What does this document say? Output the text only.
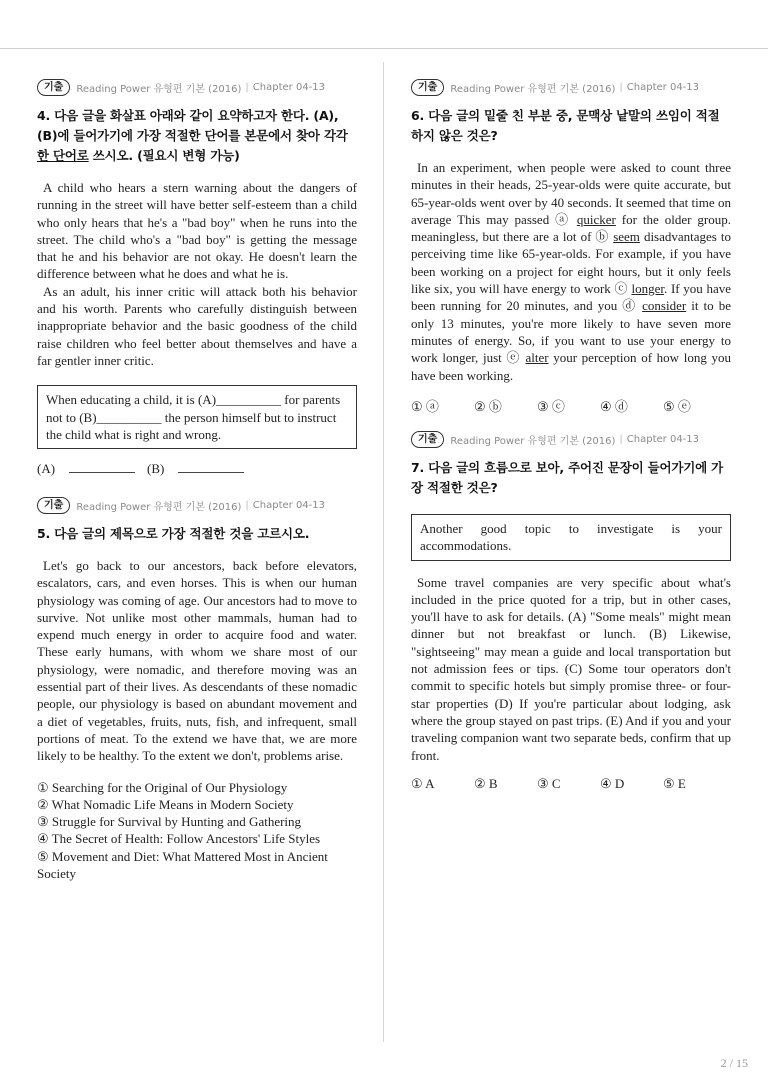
기출	Reading Power 유형편 기본 (2016) | Chapter 04-13
4. 다음 글을 화살표 아래와 같이 요약하고자 한다. (A), (B)에 들어가기에 가장 적절한 단어를 본문에서 찾아 각각 한 단어로 쓰시오. (필요시 변형 가능)

A child who hears a stern warning about the dangers of running in the street will have better self-esteem than a child who only hears that he's a "bad boy" when he runs into the street. The child who's a "bad boy" is getting the message that he and his behavior are not okay. He doesn't learn the difference between what he does and what he is.

As an adult, his inner critic will attack both his behavior and his worth. Parents who carefully distinguish between inappropriate behavior and the basic goodness of the child raise children who feel better about themselves and have a far gentler inner critic.

When educating a child, it is (A)__________ for parents not to (B)__________ the person himself but to instruct the child what is right and wrong.
(A)	(B)
기출	Reading Power 유형편 기본 (2016) | Chapter 04-13
5. 다음 글의 제목으로 가장 적절한 것을 고르시오.
Let's go back to our ancestors, back before elevators, escalators, cars, and even horses. This is when our human physiology was coming of age. Our ancestors had to move to survive. Not unlike most other mammals, human had to expend much energy in order to acquire food and water. These early humans, with whom we share most of our physiology, were nomadic, and therefore moving was an essential part of their lives. As descendants of these nomadic people, our physiology is based on abundant movement and a diet of vegetables, fruits, nuts, fish, and infrequent, small portions of meat. To the extend we have that, we are more likely to be healthy. To the extent we don't, problems arise.
① Searching for the Original of Our Physiology
② What Nomadic Life Means in Modern Society
③ Struggle for Survival by Hunting and Gathering
④ The Secret of Health: Follow Ancestors' Life Styles
⑤ Movement and Diet: What Mattered Most in Ancient Society
기출	Reading Power 유형편 기본 (2016) | Chapter 04-13
6. 다음 글의 밑줄 친 부분 중, 문맥상 낱말의 쓰임이 적절하지 않은 것은?
In an experiment, when people were asked to count three minutes in their heads, 25-year-olds were quite accurate, but 65-year-olds went over by 40 seconds. It seemed that time on average This may passed ⓐ quicker for the older group. meaningless, but there are a lot of ⓑ seem disadvantages to perceiving time like 65-year-olds. For example, if you have been working on a project for eight hours, but it only feels like six, you will have energy to work ⓒ longer. If you have been running for 20 minutes, and you ⓓ consider it to be only 13 minutes, you're more likely to have seven more minutes of energy. So, if you want to use your energy to work longer, just ⓔ alter your perception of how long you have been working.
① ⓐ	② ⓑ	③ ⓒ	④ ⓓ	⑤ ⓔ
기출	Reading Power 유형편 기본 (2016) | Chapter 04-13
7. 다음 글의 흐름으로 보아, 주어진 문장이 들어가기에 가장 적절한 것은?
Another good topic to investigate is your accommodations.
Some travel companies are very specific about what's included in the price quoted for a trip, but in other cases, you'll have to ask for details. (A) "Some meals" might mean dinner but not breakfast or lunch. (B) Likewise, "sightseeing" may mean a guide and local transportation but not admission fees or tips. (C) Some tour operators don't commit to specific hotels but simply promise three- or four-star properties (D) If you're particular about lodging, ask where the group stayed on past trips. (E) And if you and your traveling companion want two separate beds, confirm that up front.
① A	② B	③ C	④ D	⑤ E
2 / 15
